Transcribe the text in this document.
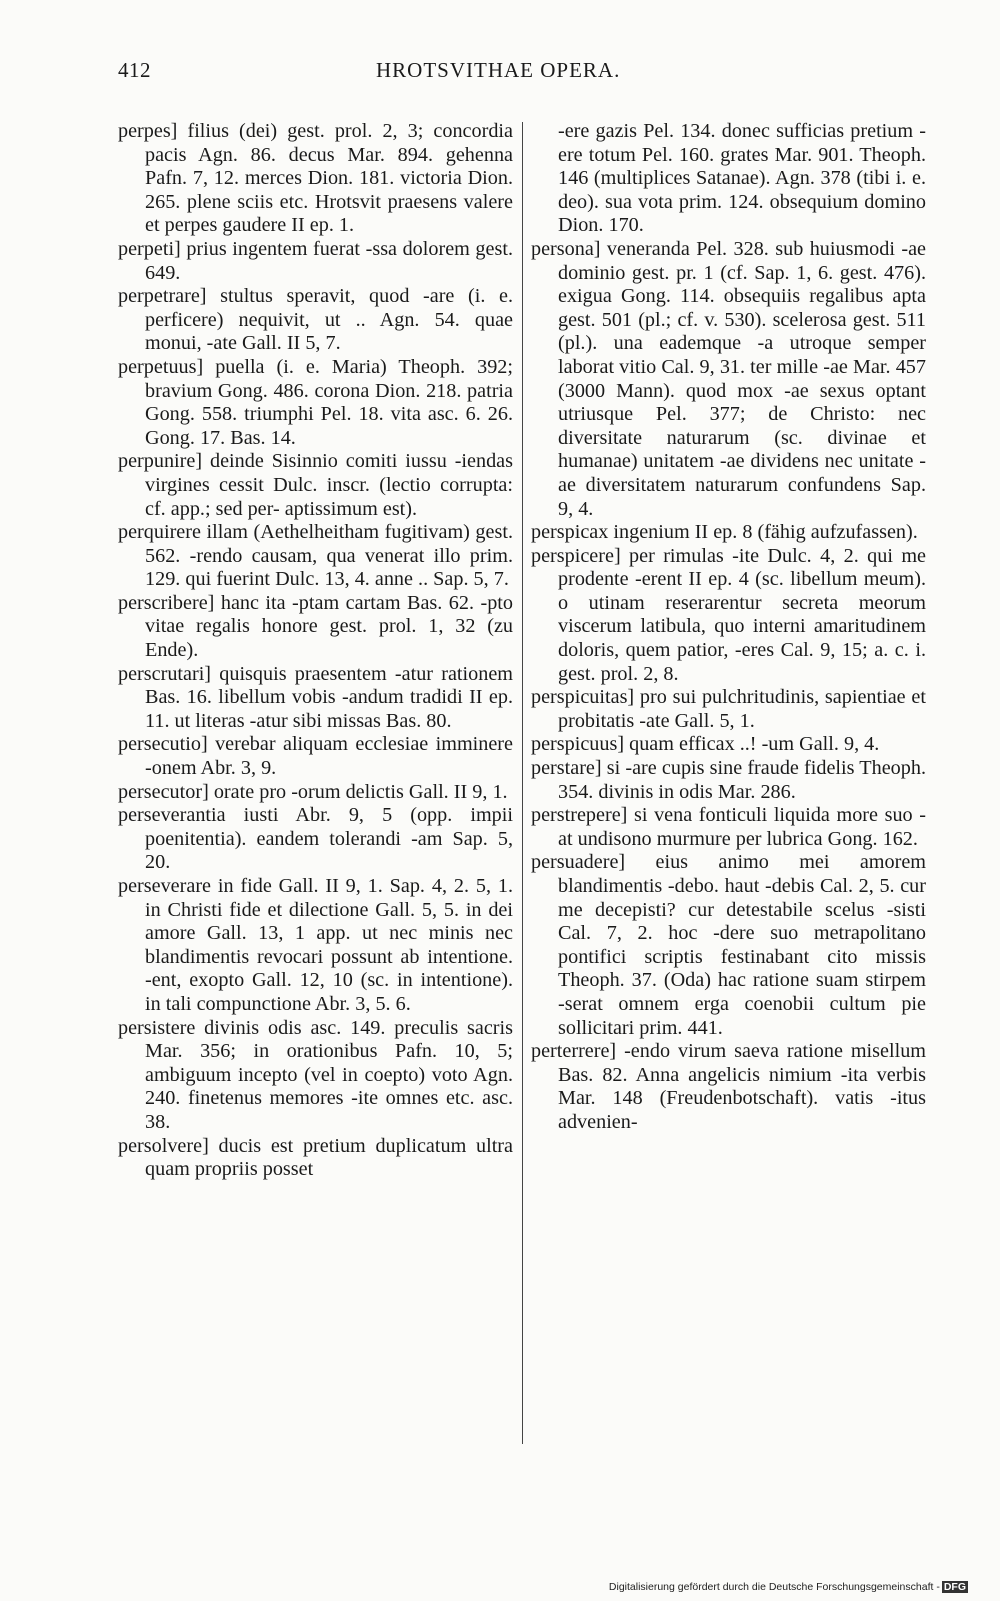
412	HROTSVITHAE OPERA.

perpes] filius (dei) gest. prol. 2, 3; concordia pacis Agn. 86. decus Mar. 894. gehenna Pafn. 7, 12. merces Dion. 181. victoria Dion. 265. plene sciis etc. Hrotsvit praesens valere et perpes gaudere II ep. 1.

perpeti] prius ingentem fuerat -ssa dolorem gest. 649.

perpetrare] stultus speravit, quod -are (i. e. perficere) nequivit, ut .. Agn. 54. quae monui, -ate Gall. II 5, 7.

perpetuus] puella (i. e. Maria) Theoph. 392; bravium Gong. 486. corona Dion. 218. patria Gong. 558. triumphi Pel. 18. vita asc. 6. 26. Gong. 17. Bas. 14.

perpunire] deinde Sisinnio comiti iussu -iendas virgines cessit Dulc. inscr. (lectio corrupta: cf. app.; sed per- aptissimum est).

perquirere illam (Aethelheitham fugitivam) gest. 562. -rendo causam, qua venerat illo prim. 129. qui fuerint Dulc. 13, 4. anne .. Sap. 5, 7.

perscribere] hanc ita -ptam cartam Bas. 62. -pto vitae regalis honore gest. prol. 1, 32 (zu Ende).

perscrutari] quisquis praesentem -atur rationem Bas. 16. libellum vobis -andum tradidi II ep. 11. ut literas -atur sibi missas Bas. 80.

persecutio] verebar aliquam ecclesiae imminere -onem Abr. 3, 9.

persecutor] orate pro -orum delictis Gall. II 9, 1.

perseverantia iusti Abr. 9, 5 (opp. impii poenitentia). eandem tolerandi -am Sap. 5, 20.

perseverare in fide Gall. II 9, 1. Sap. 4, 2. 5, 1. in Christi fide et dilectione Gall. 5, 5. in dei amore Gall. 13, 1 app. ut nec minis nec blandimentis revocari possunt ab intentione. -ent, exopto Gall. 12, 10 (sc. in intentione). in tali compunctione Abr. 3, 5. 6.

persistere divinis odis asc. 149. preculis sacris Mar. 356; in orationibus Pafn. 10, 5; ambiguum incepto (vel in coepto) voto Agn. 240. finetenus memores -ite omnes etc. asc. 38.

persolvere] ducis est pretium duplicatum ultra quam propriis posset

-ere gazis Pel. 134. donec sufficias pretium -ere totum Pel. 160. grates Mar. 901. Theoph. 146 (multiplices Satanae). Agn. 378 (tibi i. e. deo). sua vota prim. 124. obsequium domino Dion. 170.

persona] veneranda Pel. 328. sub huiusmodi -ae dominio gest. pr. 1 (cf. Sap. 1, 6. gest. 476). exigua Gong. 114. obsequiis regalibus apta gest. 501 (pl.; cf. v. 530). scelerosa gest. 511 (pl.). una eademque -a utroque semper laborat vitio Cal. 9, 31. ter mille -ae Mar. 457 (3000 Mann). quod mox -ae sexus optant utriusque Pel. 377; de Christo: nec diversitate naturarum (sc. divinae et humanae) unitatem -ae dividens nec unitate -ae diversitatem naturarum confundens Sap. 9, 4.

perspicax ingenium II ep. 8 (fähig aufzufassen).

perspicere] per rimulas -ite Dulc. 4, 2. qui me prodente -erent II ep. 4 (sc. libellum meum). o utinam reserarentur secreta meorum viscerum latibula, quo interni amaritudinem doloris, quem patior, -eres Cal. 9, 15; a. c. i. gest. prol. 2, 8.

perspicuitas] pro sui pulchritudinis, sapientiae et probitatis -ate Gall. 5, 1.

perspicuus] quam efficax ..! -um Gall. 9, 4.

perstare] si -are cupis sine fraude fidelis Theoph. 354. divinis in odis Mar. 286.

perstrepere] si vena fonticuli liquida more suo -at undisono murmure per lubrica Gong. 162.

persuadere] eius animo mei amorem blandimentis -debo. haut -debis Cal. 2, 5. cur me decepisti? cur detestabile scelus -sisti Cal. 7, 2. hoc -dere suo metrapolitano pontifici scriptis festinabant cito missis Theoph. 37. (Oda) hac ratione suam stirpem -serat omnem erga coenobii cultum pie sollicitari prim. 441.

perterrere] -endo virum saeva ratione misellum Bas. 82. Anna angelicis nimium -ita verbis Mar. 148 (Freudenbotschaft). vatis -itus advenien-

Digitalisierung gefördert durch die Deutsche Forschungsgemeinschaft - DFG
